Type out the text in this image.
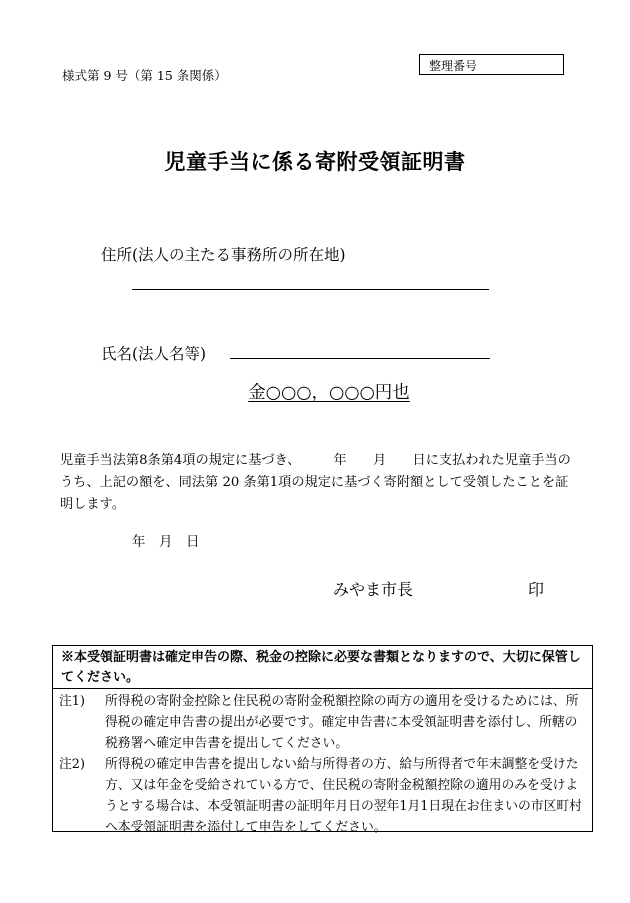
様式第 9 号（第 15 条関係）
整理番号
児童手当に係る寄附受領証明書
住所(法人の主たる事務所の所在地)
氏名(法人名等)
金○○○，○○○円也
児童手当法第8条第4項の規定に基づき、　　　年　　月　　日に支払われた児童手当のうち、上記の額を、同法第 20 条第1項の規定に基づく寄附額として受領したことを証明します。
年　月　日
みやま市長	印
※本受領証明書は確定申告の際、税金の控除に必要な書類となりますので、大切に保管してください。
注1) 所得税の寄附金控除と住民税の寄附金税額控除の両方の適用を受けるためには、所得税の確定申告書の提出が必要です。確定申告書に本受領証明書を添付し、所轄の税務署へ確定申告書を提出してください。
注2) 所得税の確定申告書を提出しない給与所得者の方、給与所得者で年末調整を受けた方、又は年金を受給されている方で、住民税の寄附金税額控除の適用のみを受けようとする場合は、本受領証明書の証明年月日の翌年1月1日現在お住まいの市区町村へ本受領証明書を添付して申告をしてください。
